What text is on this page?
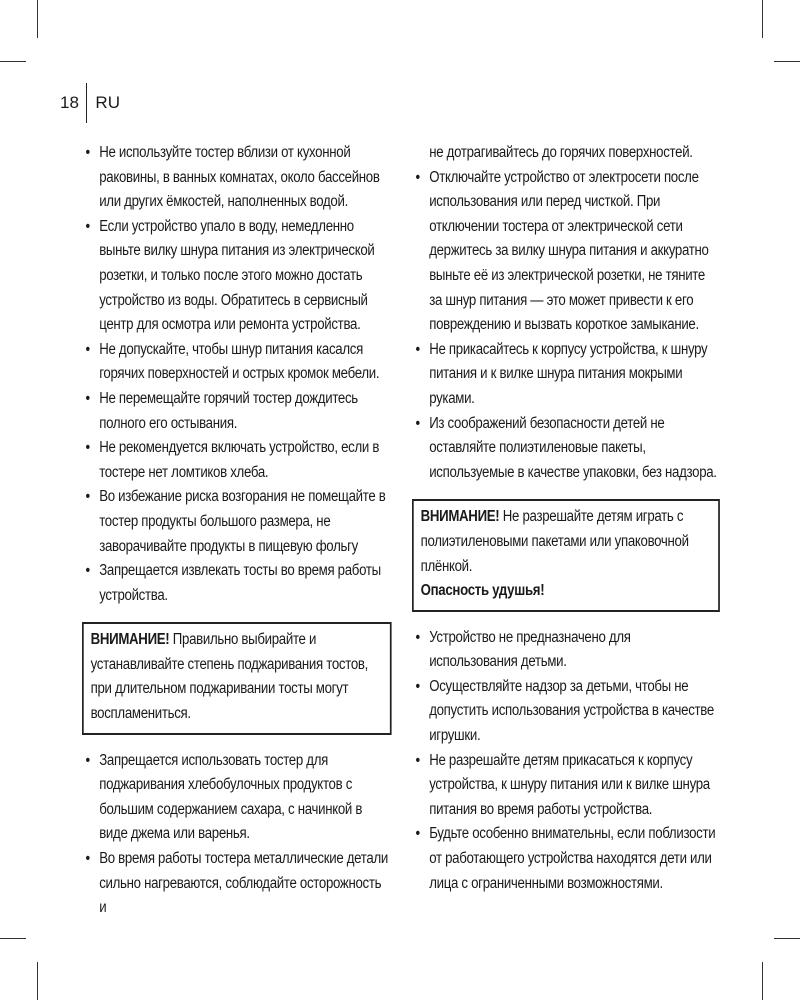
18 RU
• Не используйте тостер вблизи от кухонной раковины, в ванных комнатах, около бассейнов или других ёмкостей, наполненных водой.
• Если устройство упало в воду, немедленно выньте вилку шнура питания из электрической розетки, и только после этого можно достать устройство из воды. Обратитесь в сервисный центр для осмотра или ремонта устройства.
• Не допускайте, чтобы шнур питания касался горячих поверхностей и острых кромок мебели.
• Не перемещайте горячий тостер дождитесь полного его остывания.
• Не рекомендуется включать устройство, если в тостере нет ломтиков хлеба.
• Во избежание риска возгорания не помещайте в тостер продукты большого размера, не заворачивайте продукты в пищевую фольгу
• Запрещается извлекать тосты во время работы устройства.
ВНИМАНИЕ! Правильно выбирайте и устанавливайте степень поджаривания тостов, при длительном поджаривании тосты могут воспламениться.
• Запрещается использовать тостер для поджаривания хлебобулочных продуктов с большим содержанием сахара, с начинкой в виде джема или варенья.
• Во время работы тостера металлические детали сильно нагреваются, соблюдайте осторожность и
не дотрагивайтесь до горячих поверхностей.
• Отключайте устройство от электросети после использования или перед чисткой. При отключении тостера от электрической сети держитесь за вилку шнура питания и аккуратно выньте её из электрической розетки, не тяните за шнур питания — это может привести к его повреждению и вызвать короткое замыкание.
• Не прикасайтесь к корпусу устройства, к шнуру питания и к вилке шнура питания мокрыми руками.
• Из соображений безопасности детей не оставляйте полиэтиленовые пакеты, используемые в качестве упаковки, без надзора.
ВНИМАНИЕ! Не разрешайте детям играть с полиэтиленовыми пакетами или упаковочной плёнкой.
Опасность удушья!
• Устройство не предназначено для использования детьми.
• Осуществляйте надзор за детьми, чтобы не допустить использования устройства в качестве игрушки.
• Не разрешайте детям прикасаться к корпусу устройства, к шнуру питания или к вилке шнура питания во время работы устройства.
• Будьте особенно внимательны, если поблизости от работающего устройства находятся дети или лица с ограниченными возможностями.
